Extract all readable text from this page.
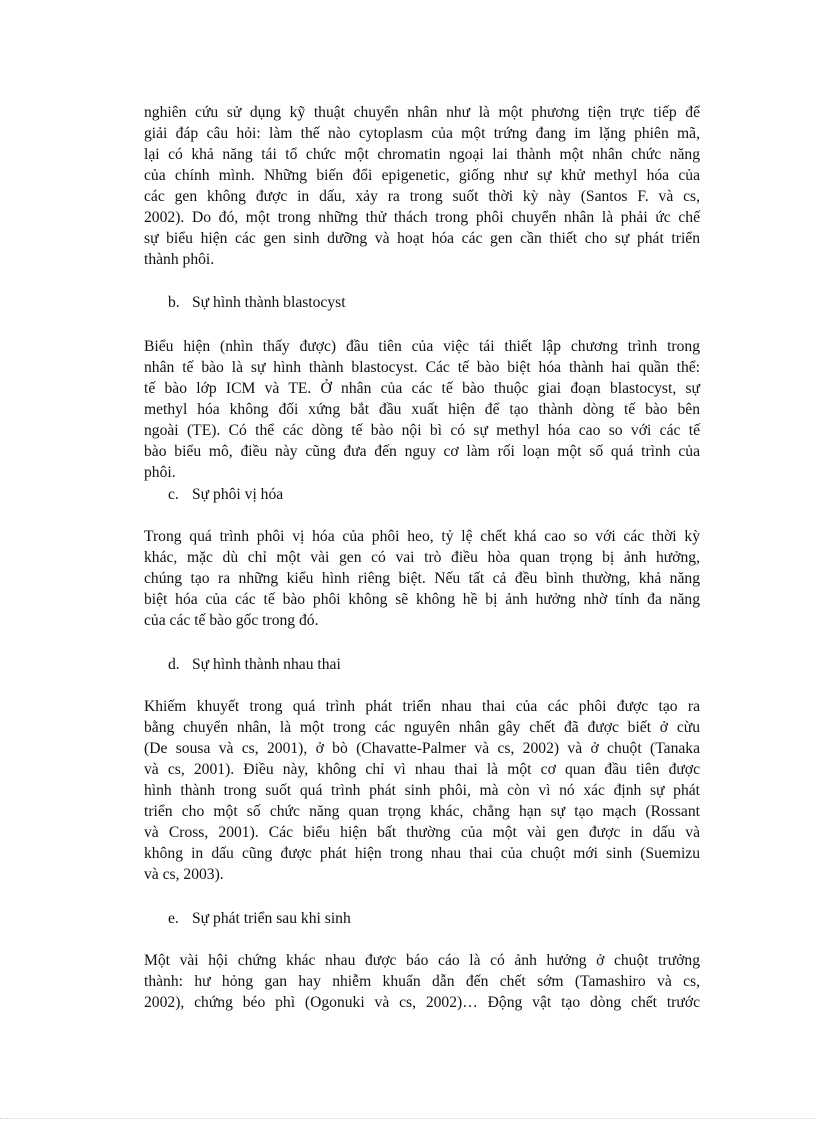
nghiên cứu sử dụng kỹ thuật chuyển nhân như là một phương tiện trực tiếp để
giải đáp câu hỏi: làm thế nào cytoplasm của một trứng đang im lặng phiên mã,
lại có khả năng tái tổ chức một chromatin ngoại lai thành một nhân chức năng
của chính mình. Những biến đổi epigenetic, giống như sự khử methyl hóa của
các gen không được in dấu, xảy ra trong suốt thời kỳ này (Santos F. và cs,
2002). Do đó, một trong những thử thách trong phôi chuyển nhân là phải ức chế
sự biểu hiện các gen sinh dưỡng và hoạt hóa các gen cần thiết cho sự phát triển
thành phôi.
b. Sự hình thành blastocyst
Biểu hiện (nhìn thấy được) đầu tiên của việc tái thiết lập chương trình trong
nhân tế bào là sự hình thành blastocyst. Các tế bào biệt hóa thành hai quần thể:
tế bào lớp ICM và TE. Ở nhân của các tế bào thuộc giai đoạn blastocyst, sự
methyl hóa không đối xứng bắt đầu xuất hiện để tạo thành dòng tế bào bên
ngoài (TE). Có thể các dòng tế bào nội bì có sự methyl hóa cao so với các tế
bào biểu mô, điều này cũng đưa đến nguy cơ làm rối loạn một số quá trình của
phôi.
c. Sự phôi vị hóa
Trong quá trình phôi vị hóa của phôi heo, tỷ lệ chết khá cao so với các thời kỳ
khác, mặc dù chỉ một vài gen có vai trò điều hòa quan trọng bị ảnh hưởng,
chúng tạo ra những kiểu hình riêng biệt. Nếu tất cả đều bình thường, khả năng
biệt hóa của các tế bào phôi không sẽ không hề bị ảnh hưởng nhờ tính đa năng
của các tế bào gốc trong đó.
d. Sự hình thành nhau thai
Khiếm khuyết trong quá trình phát triển nhau thai của các phôi được tạo ra
bằng chuyển nhân, là một trong các nguyên nhân gây chết đã được biết ở cừu
(De sousa và cs, 2001), ở bò (Chavatte-Palmer và cs, 2002) và ở chuột (Tanaka
và cs, 2001). Điều này, không chỉ vì nhau thai là một cơ quan đầu tiên được
hình thành trong suốt quá trình phát sinh phôi, mà còn vì nó xác định sự phát
triển cho một số chức năng quan trọng khác, chẳng hạn sự tạo mạch (Rossant
và Cross, 2001). Các biểu hiện bất thường của một vài gen được in dấu và
không in dấu cũng được phát hiện trong nhau thai của chuột mới sinh (Suemizu
và cs, 2003).
e. Sự phát triển sau khi sinh
Một vài hội chứng khác nhau được báo cáo là có ảnh hưởng ở chuột trưởng
thành: hư hỏng gan hay nhiễm khuẩn dẫn đến chết sớm (Tamashiro và cs,
2002), chứng béo phì (Ogonuki và cs, 2002)… Động vật tạo dòng chết trước
